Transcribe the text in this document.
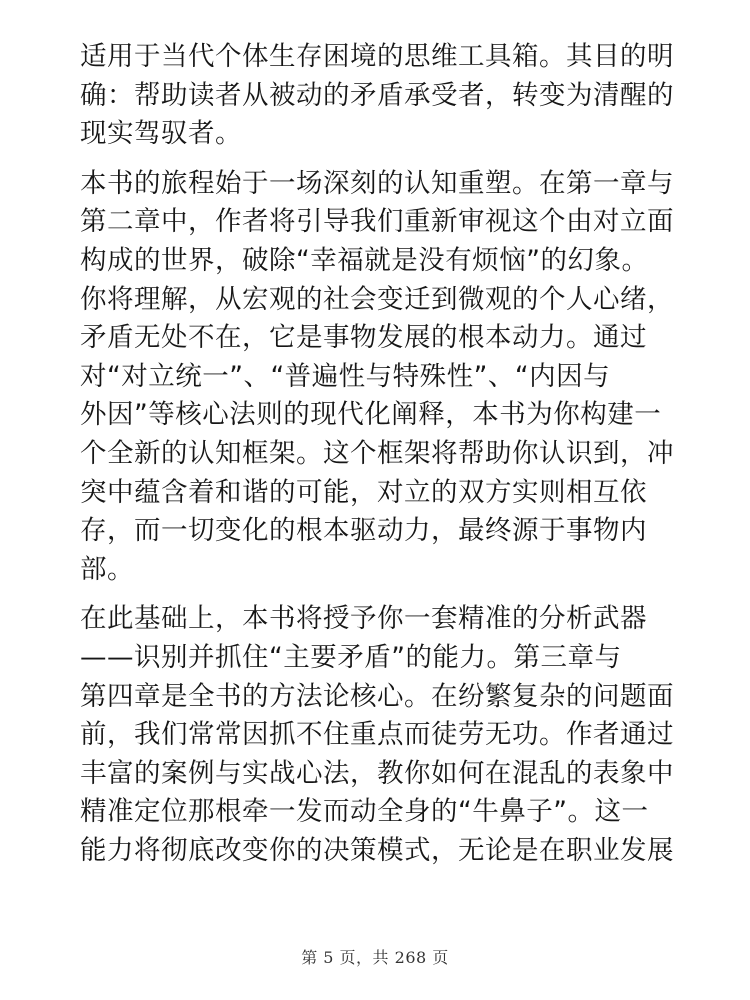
适用于当代个体生存困境的思维工具箱。其目的明
确：帮助读者从被动的矛盾承受者，转变为清醒的
现实驾驭者。

本书的旅程始于一场深刻的认知重塑。在第一章与
第二章中，作者将引导我们重新审视这个由对立面
构成的世界，破除“幸福就是没有烦恼”的幻象。
你将理解，从宏观的社会变迁到微观的个人心绪，
矛盾无处不在，它是事物发展的根本动力。通过
对“对立统一”、“普遍性与特殊性”、“内因与
外因”等核心法则的现代化阐释，本书为你构建一
个全新的认知框架。这个框架将帮助你认识到，冲
突中蕴含着和谐的可能，对立的双方实则相互依
存，而一切变化的根本驱动力，最终源于事物内
部。

在此基础上，本书将授予你一套精准的分析武器
——识别并抓住“主要矛盾”的能力。第三章与
第四章是全书的方法论核心。在纷繁复杂的问题面
前，我们常常因抓不住重点而徒劳无功。作者通过
丰富的案例与实战心法，教你如何在混乱的表象中
精准定位那根牵一发而动全身的“牛鼻子”。这一
能力将彻底改变你的决策模式，无论是在职业发展

第 5 页，共 268 页
